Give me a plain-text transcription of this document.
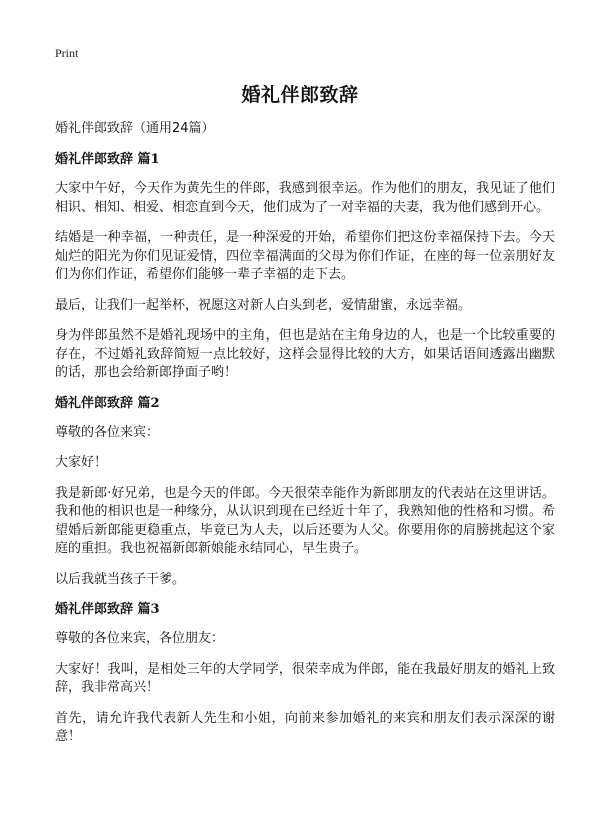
Print
婚礼伴郎致辞

婚礼伴郎致辞（通用24篇）

婚礼伴郎致辞 篇1

大家中午好，今天作为黄先生的伴郎，我感到很幸运。作为他们的朋友，我见证了他们相识、相知、相爱、相恋直到今天，他们成为了一对幸福的夫妻，我为他们感到开心。

结婚是一种幸福，一种责任，是一种深爱的开始，希望你们把这份幸福保持下去。今天灿烂的阳光为你们见证爱情，四位幸福满面的父母为你们作证，在座的每一位亲朋好友们为你们作证，希望你们能够一辈子幸福的走下去。

最后，让我们一起举杯，祝愿这对新人白头到老，爱情甜蜜，永远幸福。

身为伴郎虽然不是婚礼现场中的主角，但也是站在主角身边的人，也是一个比较重要的存在，不过婚礼致辞简短一点比较好，这样会显得比较的大方，如果话语间透露出幽默的话，那也会给新郎挣面子哟！

婚礼伴郎致辞 篇2

尊敬的各位来宾：

大家好！

我是新郎·好兄弟，也是今天的伴郎。今天很荣幸能作为新郎朋友的代表站在这里讲话。我和他的相识也是一种缘分，从认识到现在已经近十年了，我熟知他的性格和习惯。希望婚后新郎能更稳重点，毕竟已为人夫，以后还要为人父。你要用你的肩膀挑起这个家庭的重担。我也祝福新郎新娘能永结同心，早生贵子。

以后我就当孩子干爹。

婚礼伴郎致辞 篇3

尊敬的各位来宾，各位朋友：

大家好！我叫，是相处三年的大学同学，很荣幸成为伴郎，能在我最好朋友的婚礼上致辞，我非常高兴！

首先，请允许我代表新人先生和小姐，向前来参加婚礼的来宾和朋友们表示深深的谢意！
